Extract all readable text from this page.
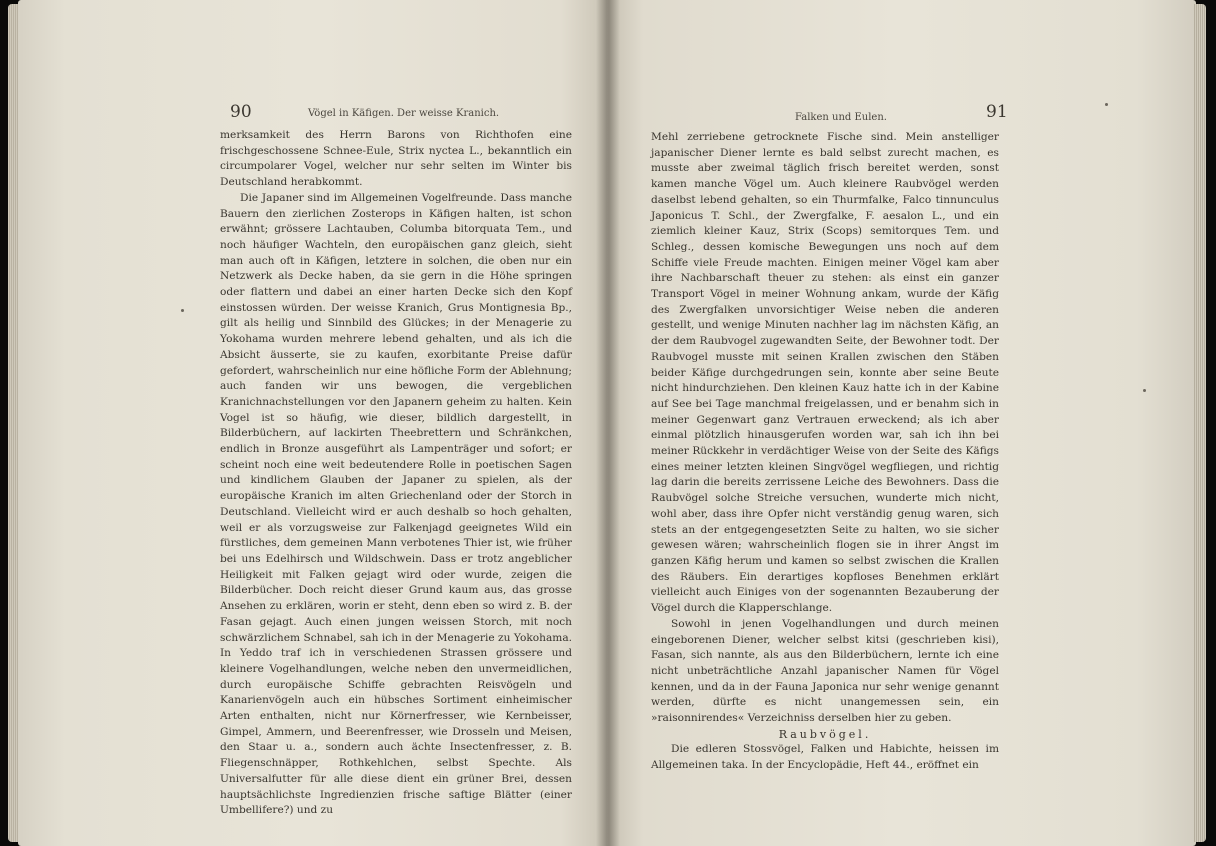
90	Vögel in Käfigen. Der weisse Kranich.

merksamkeit des Herrn Barons von Richthofen eine frischgeschossene Schnee-Eule, Strix nyctea L., bekanntlich ein circumpolarer Vogel, welcher nur sehr selten im Winter bis Deutschland herabkommt.

Die Japaner sind im Allgemeinen Vogelfreunde. Dass manche Bauern den zierlichen Zosterops in Käfigen halten, ist schon erwähnt; grössere Lachtauben, Columba bitorquata Tem., und noch häufiger Wachteln, den europäischen ganz gleich, sieht man auch oft in Käfigen, letztere in solchen, die oben nur ein Netzwerk als Decke haben, da sie gern in die Höhe springen oder flattern und dabei an einer harten Decke sich den Kopf einstossen würden. Der weisse Kranich, Grus Montignesia Bp., gilt als heilig und Sinnbild des Glückes; in der Menagerie zu Yokohama wurden mehrere lebend gehalten, und als ich die Absicht äusserte, sie zu kaufen, exorbitante Preise dafür gefordert, wahrscheinlich nur eine höfliche Form der Ablehnung; auch fanden wir uns bewogen, die vergeblichen Kranichnachstellungen vor den Japanern geheim zu halten. Kein Vogel ist so häufig, wie dieser, bildlich dargestellt, in Bilderbüchern, auf lackirten Theebrettern und Schränkchen, endlich in Bronze ausgeführt als Lampenträger und sofort; er scheint noch eine weit bedeutendere Rolle in poetischen Sagen und kindlichem Glauben der Japaner zu spielen, als der europäische Kranich im alten Griechenland oder der Storch in Deutschland. Vielleicht wird er auch deshalb so hoch gehalten, weil er als vorzugsweise zur Falkenjagd geeignetes Wild ein fürstliches, dem gemeinen Mann verbotenes Thier ist, wie früher bei uns Edelhirsch und Wildschwein. Dass er trotz angeblicher Heiligkeit mit Falken gejagt wird oder wurde, zeigen die Bilderbücher. Doch reicht dieser Grund kaum aus, das grosse Ansehen zu erklären, worin er steht, denn eben so wird z. B. der Fasan gejagt. Auch einen jungen weissen Storch, mit noch schwärzlichem Schnabel, sah ich in der Menagerie zu Yokohama. In Yeddo traf ich in verschiedenen Strassen grössere und kleinere Vogelhandlungen, welche neben den unvermeidlichen, durch europäische Schiffe gebrachten Reisvögeln und Kanarienvögeln auch ein hübsches Sortiment einheimischer Arten enthalten, nicht nur Körnerfresser, wie Kernbeisser, Gimpel, Ammern, und Beerenfresser, wie Drosseln und Meisen, den Staar u. a., sondern auch ächte Insectenfresser, z. B. Fliegenschnäpper, Rothkehlchen, selbst Spechte. Als Universalfutter für alle diese dient ein grüner Brei, dessen hauptsächlichste Ingredienzien frische saftige Blätter (einer Umbellifere?) und zu

Falken und Eulen.	91

Mehl zerriebene getrocknete Fische sind. Mein anstelliger japanischer Diener lernte es bald selbst zurecht machen, es musste aber zweimal täglich frisch bereitet werden, sonst kamen manche Vögel um. Auch kleinere Raubvögel werden daselbst lebend gehalten, so ein Thurmfalke, Falco tinnunculus Japonicus T. Schl., der Zwergfalke, F. aesalon L., und ein ziemlich kleiner Kauz, Strix (Scops) semitorques Tem. und Schleg., dessen komische Bewegungen uns noch auf dem Schiffe viele Freude machten. Einigen meiner Vögel kam aber ihre Nachbarschaft theuer zu stehen: als einst ein ganzer Transport Vögel in meiner Wohnung ankam, wurde der Käfig des Zwergfalken unvorsichtiger Weise neben die anderen gestellt, und wenige Minuten nachher lag im nächsten Käfig, an der dem Raubvogel zugewandten Seite, der Bewohner todt. Der Raubvogel musste mit seinen Krallen zwischen den Stäben beider Käfige durchgedrungen sein, konnte aber seine Beute nicht hindurchziehen. Den kleinen Kauz hatte ich in der Kabine auf See bei Tage manchmal freigelassen, und er benahm sich in meiner Gegenwart ganz Vertrauen erweckend; als ich aber einmal plötzlich hinausgerufen worden war, sah ich ihn bei meiner Rückkehr in verdächtiger Weise von der Seite des Käfigs eines meiner letzten kleinen Singvögel wegfliegen, und richtig lag darin die bereits zerrissene Leiche des Bewohners. Dass die Raubvögel solche Streiche versuchen, wunderte mich nicht, wohl aber, dass ihre Opfer nicht verständig genug waren, sich stets an der entgegengesetzten Seite zu halten, wo sie sicher gewesen wären; wahrscheinlich flogen sie in ihrer Angst im ganzen Käfig herum und kamen so selbst zwischen die Krallen des Räubers. Ein derartiges kopfloses Benehmen erklärt vielleicht auch Einiges von der sogenannten Bezauberung der Vögel durch die Klapperschlange.

Sowohl in jenen Vogelhandlungen und durch meinen eingeborenen Diener, welcher selbst kitsi (geschrieben kisi), Fasan, sich nannte, als aus den Bilderbüchern, lernte ich eine nicht unbeträchtliche Anzahl japanischer Namen für Vögel kennen, und da in der Fauna Japonica nur sehr wenige genannt werden, dürfte es nicht unangemessen sein, ein »raisonnirendes« Verzeichniss derselben hier zu geben.

Raubvögel.

Die edleren Stossvögel, Falken und Habichte, heissen im Allgemeinen taka. In der Encyclopädie, Heft 44., eröffnet ein
